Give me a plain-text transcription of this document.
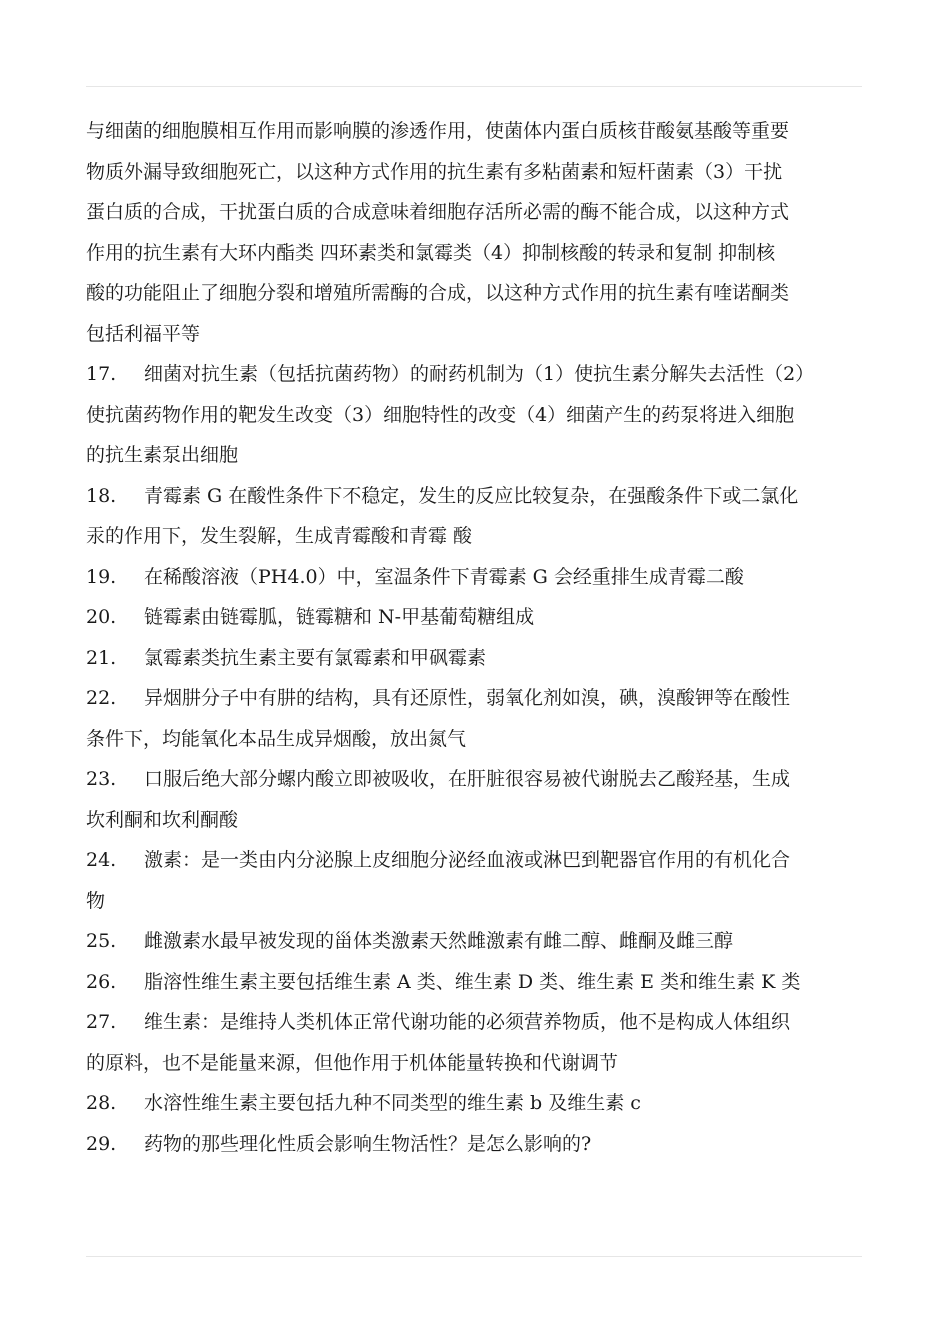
与细菌的细胞膜相互作用而影响膜的渗透作用，使菌体内蛋白质核苷酸氨基酸等重要
物质外漏导致细胞死亡，以这种方式作用的抗生素有多粘菌素和短杆菌素（3）干扰
蛋白质的合成，干扰蛋白质的合成意味着细胞存活所必需的酶不能合成，以这种方式
作用的抗生素有大环内酯类 四环素类和氯霉类（4）抑制核酸的转录和复制 抑制核
酸的功能阻止了细胞分裂和增殖所需酶的合成，以这种方式作用的抗生素有喹诺酮类
包括利福平等
17. 细菌对抗生素（包括抗菌药物）的耐药机制为（1）使抗生素分解失去活性（2）
使抗菌药物作用的靶发生改变（3）细胞特性的改变（4）细菌产生的药泵将进入细胞
的抗生素泵出细胞
18. 青霉素 G 在酸性条件下不稳定，发生的反应比较复杂，在强酸条件下或二氯化
汞的作用下，发生裂解，生成青霉酸和青霉 酸
19. 在稀酸溶液（PH4.0）中，室温条件下青霉素 G 会经重排生成青霉二酸
20. 链霉素由链霉胍，链霉糖和 N-甲基葡萄糖组成
21. 氯霉素类抗生素主要有氯霉素和甲砜霉素
22. 异烟肼分子中有肼的结构，具有还原性，弱氧化剂如溴，碘，溴酸钾等在酸性
条件下，均能氧化本品生成异烟酸，放出氮气
23. 口服后绝大部分螺内酸立即被吸收，在肝脏很容易被代谢脱去乙酸羟基，生成
坎利酮和坎利酮酸
24. 激素：是一类由内分泌腺上皮细胞分泌经血液或淋巴到靶器官作用的有机化合
物
25. 雌激素水最早被发现的甾体类激素天然雌激素有雌二醇、雌酮及雌三醇
26. 脂溶性维生素主要包括维生素 A 类、维生素 D 类、维生素 E 类和维生素 K 类
27. 维生素：是维持人类机体正常代谢功能的必须营养物质，他不是构成人体组织
的原料，也不是能量来源，但他作用于机体能量转换和代谢调节
28. 水溶性维生素主要包括九种不同类型的维生素 b 及维生素 c
29. 药物的那些理化性质会影响生物活性？是怎么影响的?
